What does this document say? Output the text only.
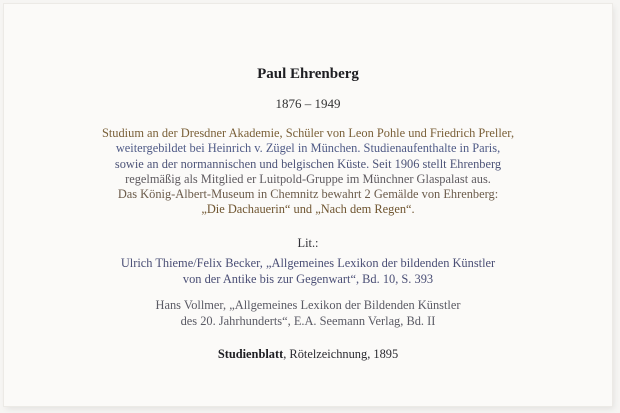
Paul Ehrenberg
1876 – 1949
Studium an der Dresdner Akademie, Schüler von Leon Pohle und Friedrich Preller,
weitergebildet bei Heinrich v. Zügel in München. Studienaufenthalte in Paris,
sowie an der normannischen und belgischen Küste. Seit 1906 stellt Ehrenberg
regelmäßig als Mitglied er Luitpold-Gruppe im Münchner Glaspalast aus.
Das König-Albert-Museum in Chemnitz bewahrt 2 Gemälde von Ehrenberg:
„Die Dachauerin“ und „Nach dem Regen“.
Lit.:
Ulrich Thieme/Felix Becker, „Allgemeines Lexikon der bildenden Künstler
von der Antike bis zur Gegenwart“, Bd. 10, S. 393
Hans Vollmer, „Allgemeines Lexikon der Bildenden Künstler
des 20. Jahrhunderts“, E.A. Seemann Verlag, Bd. II
Studienblatt, Rötelzeichnung, 1895
